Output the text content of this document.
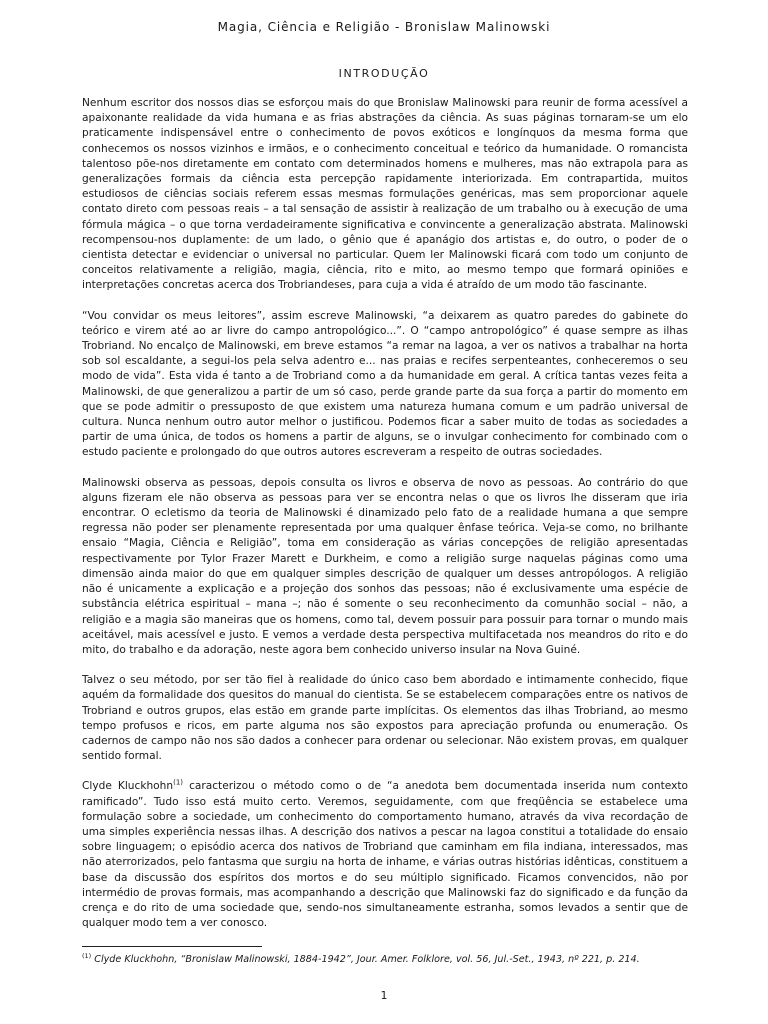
Magia, Ciência e Religião - Bronislaw Malinowski
INTRODUÇÃO

Nenhum escritor dos nossos dias se esforçou mais do que Bronislaw Malinowski para reunir de forma acessível a apaixonante realidade da vida humana e as frias abstrações da ciência. As suas páginas tornaram-se um elo praticamente indispensável entre o conhecimento de povos exóticos e longínquos da mesma forma que conhecemos os nossos vizinhos e irmãos, e o conhecimento conceitual e teórico da humanidade. O romancista talentoso põe-nos diretamente em contato com determinados homens e mulheres, mas não extrapola para as generalizações formais da ciência esta percepção rapidamente interiorizada. Em contrapartida, muitos estudiosos de ciências sociais referem essas mesmas formulações genéricas, mas sem proporcionar aquele contato direto com pessoas reais – a tal sensação de assistir à realização de um trabalho ou à execução de uma fórmula mágica – o que torna verdadeiramente significativa e convincente a generalização abstrata. Malinowski recompensou-nos duplamente: de um lado, o gênio que é apanágio dos artistas e, do outro, o poder de o cientista detectar e evidenciar o universal no particular. Quem ler Malinowski ficará com todo um conjunto de conceitos relativamente a religião, magia, ciência, rito e mito, ao mesmo tempo que formará opiniões e interpretações concretas acerca dos Trobriandeses, para cuja a vida é atraído de um modo tão fascinante.

“Vou convidar os meus leitores”, assim escreve Malinowski, “a deixarem as quatro paredes do gabinete do teórico e virem até ao ar livre do campo antropológico...”. O “campo antropológico” é quase sempre as ilhas Trobriand. No encalço de Malinowski, em breve estamos “a remar na lagoa, a ver os nativos a trabalhar na horta sob sol escaldante, a segui-los pela selva adentro e... nas praias e recifes serpenteantes, conheceremos o seu modo de vida”. Esta vida é tanto a de Trobriand como a da humanidade em geral. A crítica tantas vezes feita a Malinowski, de que generalizou a partir de um só caso, perde grande parte da sua força a partir do momento em que se pode admitir o pressuposto de que existem uma natureza humana comum e um padrão universal de cultura. Nunca nenhum outro autor melhor o justificou. Podemos ficar a saber muito de todas as sociedades a partir de uma única, de todos os homens a partir de alguns, se o invulgar conhecimento for combinado com o estudo paciente e prolongado do que outros autores escreveram a respeito de outras sociedades.

Malinowski observa as pessoas, depois consulta os livros e observa de novo as pessoas. Ao contrário do que alguns fizeram ele não observa as pessoas para ver se encontra nelas o que os livros lhe disseram que iria encontrar. O ecletismo da teoria de Malinowski é dinamizado pelo fato de a realidade humana a que sempre regressa não poder ser plenamente representada por uma qualquer ênfase teórica. Veja-se como, no brilhante ensaio “Magia, Ciência e Religião”, toma em consideração as várias concepções de religião apresentadas respectivamente por Tylor Frazer Marett e Durkheim, e como a religião surge naquelas páginas como uma dimensão ainda maior do que em qualquer simples descrição de qualquer um desses antropólogos. A religião não é unicamente a explicação e a projeção dos sonhos das pessoas; não é exclusivamente uma espécie de substância elétrica espiritual – mana –; não é somente o seu reconhecimento da comunhão social – não, a religião e a magia são maneiras que os homens, como tal, devem possuir para possuir para tornar o mundo mais aceitável, mais acessível e justo. E vemos a verdade desta perspectiva multifacetada nos meandros do rito e do mito, do trabalho e da adoração, neste agora bem conhecido universo insular na Nova Guiné.

Talvez o seu método, por ser tão fiel à realidade do único caso bem abordado e intimamente conhecido, fique aquém da formalidade dos quesitos do manual do cientista. Se se estabelecem comparações entre os nativos de Trobriand e outros grupos, elas estão em grande parte implícitas. Os elementos das ilhas Trobriand, ao mesmo tempo profusos e ricos, em parte alguma nos são expostos para apreciação profunda ou enumeração. Os cadernos de campo não nos são dados a conhecer para ordenar ou selecionar. Não existem provas, em qualquer sentido formal.

Clyde Kluckhohn$^{(1)}$ caracterizou o método como o de “a anedota bem documentada inserida num contexto ramificado”. Tudo isso está muito certo. Veremos, seguidamente, com que freqüência se estabelece uma formulação sobre a sociedade, um conhecimento do comportamento humano, através da viva recordação de uma simples experiência nessas ilhas. A descrição dos nativos a pescar na lagoa constitui a totalidade do ensaio sobre linguagem; o episódio acerca dos nativos de Trobriand que caminham em fila indiana, interessados, mas não aterrorizados, pelo fantasma que surgiu na horta de inhame, e várias outras histórias idênticas, constituem a base da discussão dos espíritos dos mortos e do seu múltiplo significado. Ficamos convencidos, não por intermédio de provas formais, mas acompanhando a descrição que Malinowski faz do significado e da função da crença e do rito de uma sociedade que, sendo-nos simultaneamente estranha, somos levados a sentir que de qualquer modo tem a ver conosco.

$^{(1)}$ Clyde Kluckhohn, “Bronislaw Malinowski, 1884-1942”, Jour. Amer. Folklore, vol. 56, Jul.-Set., 1943, nº 221, p. 214.
1
